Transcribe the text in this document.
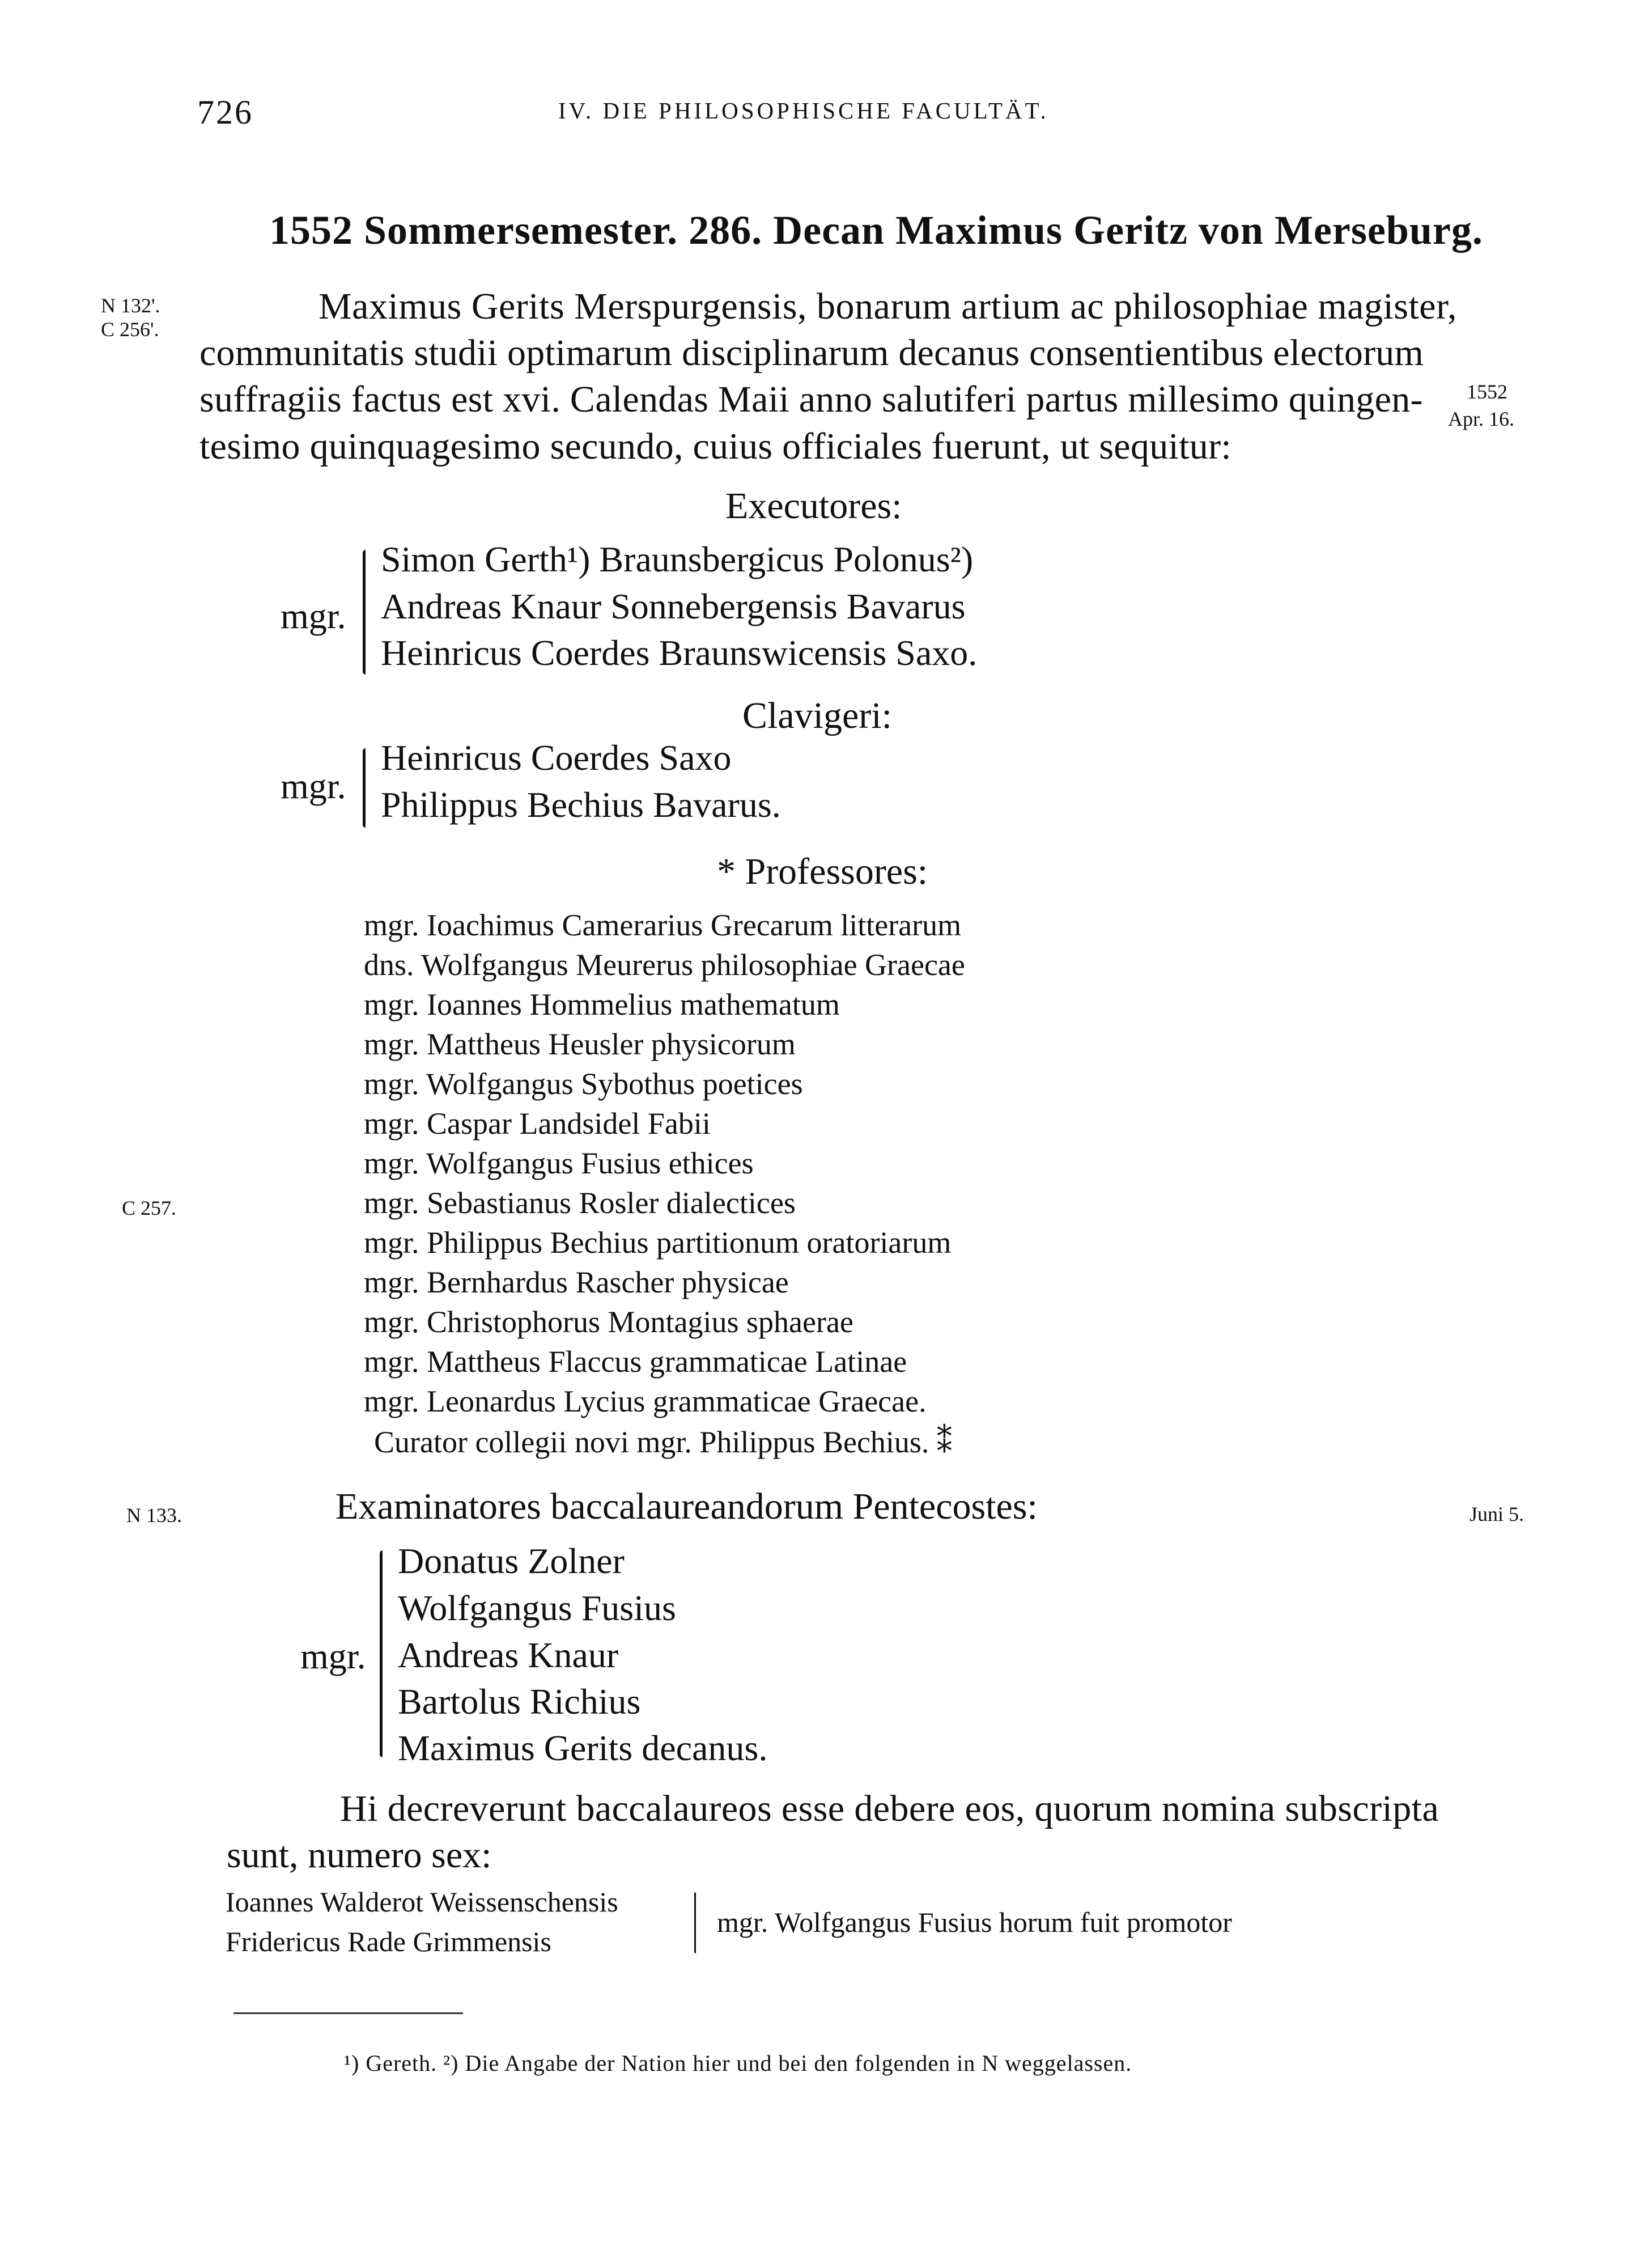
726	IV. DIE PHILOSOPHISCHE FACULTÄT.
1552 Sommersemester. 286. Decan Maximus Geritz von Merseburg.
N 132'.
C 256'.
C 257.
N 133.
1552
Apr. 16.
Juni 5.
Maximus Gerits Merspurgensis, bonarum artium ac philosophiae magister,
communitatis studii optimarum disciplinarum decanus consentientibus electorum
suffragiis factus est xvi. Calendas Maii anno salutiferi partus millesimo quingen-
tesimo quinquagesimo secundo, cuius officiales fuerunt, ut sequitur:
Executores:
mgr.
Simon Gerth¹) Braunsbergicus Polonus²)
Andreas Knaur Sonnebergensis Bavarus
Heinricus Coerdes Braunswicensis Saxo.
Clavigeri:
mgr.
Heinricus Coerdes Saxo
Philippus Bechius Bavarus.
* Professores:
mgr. Ioachimus Camerarius Grecarum litterarum
dns. Wolfgangus Meurerus philosophiae Graecae
mgr. Ioannes Hommelius mathematum
mgr. Mattheus Heusler physicorum
mgr. Wolfgangus Sybothus poetices
mgr. Caspar Landsidel Fabii
mgr. Wolfgangus Fusius ethices
mgr. Sebastianus Rosler dialectices
mgr. Philippus Bechius partitionum oratoriarum
mgr. Bernhardus Rascher physicae
mgr. Christophorus Montagius sphaerae
mgr. Mattheus Flaccus grammaticae Latinae
mgr. Leonardus Lycius grammaticae Graecae.
Curator collegii novi mgr. Philippus Bechius. ⁑
Examinatores baccalaureandorum Pentecostes:
mgr.
Donatus Zolner
Wolfgangus Fusius
Andreas Knaur
Bartolus Richius
Maximus Gerits decanus.
Hi decreverunt baccalaureos esse debere eos, quorum nomina subscripta
sunt, numero sex:
Ioannes Walderot Weissenschensis
Fridericus Rade Grimmensis
mgr. Wolfgangus Fusius horum fuit promotor
¹) Gereth. ²) Die Angabe der Nation hier und bei den folgenden in N weggelassen.
